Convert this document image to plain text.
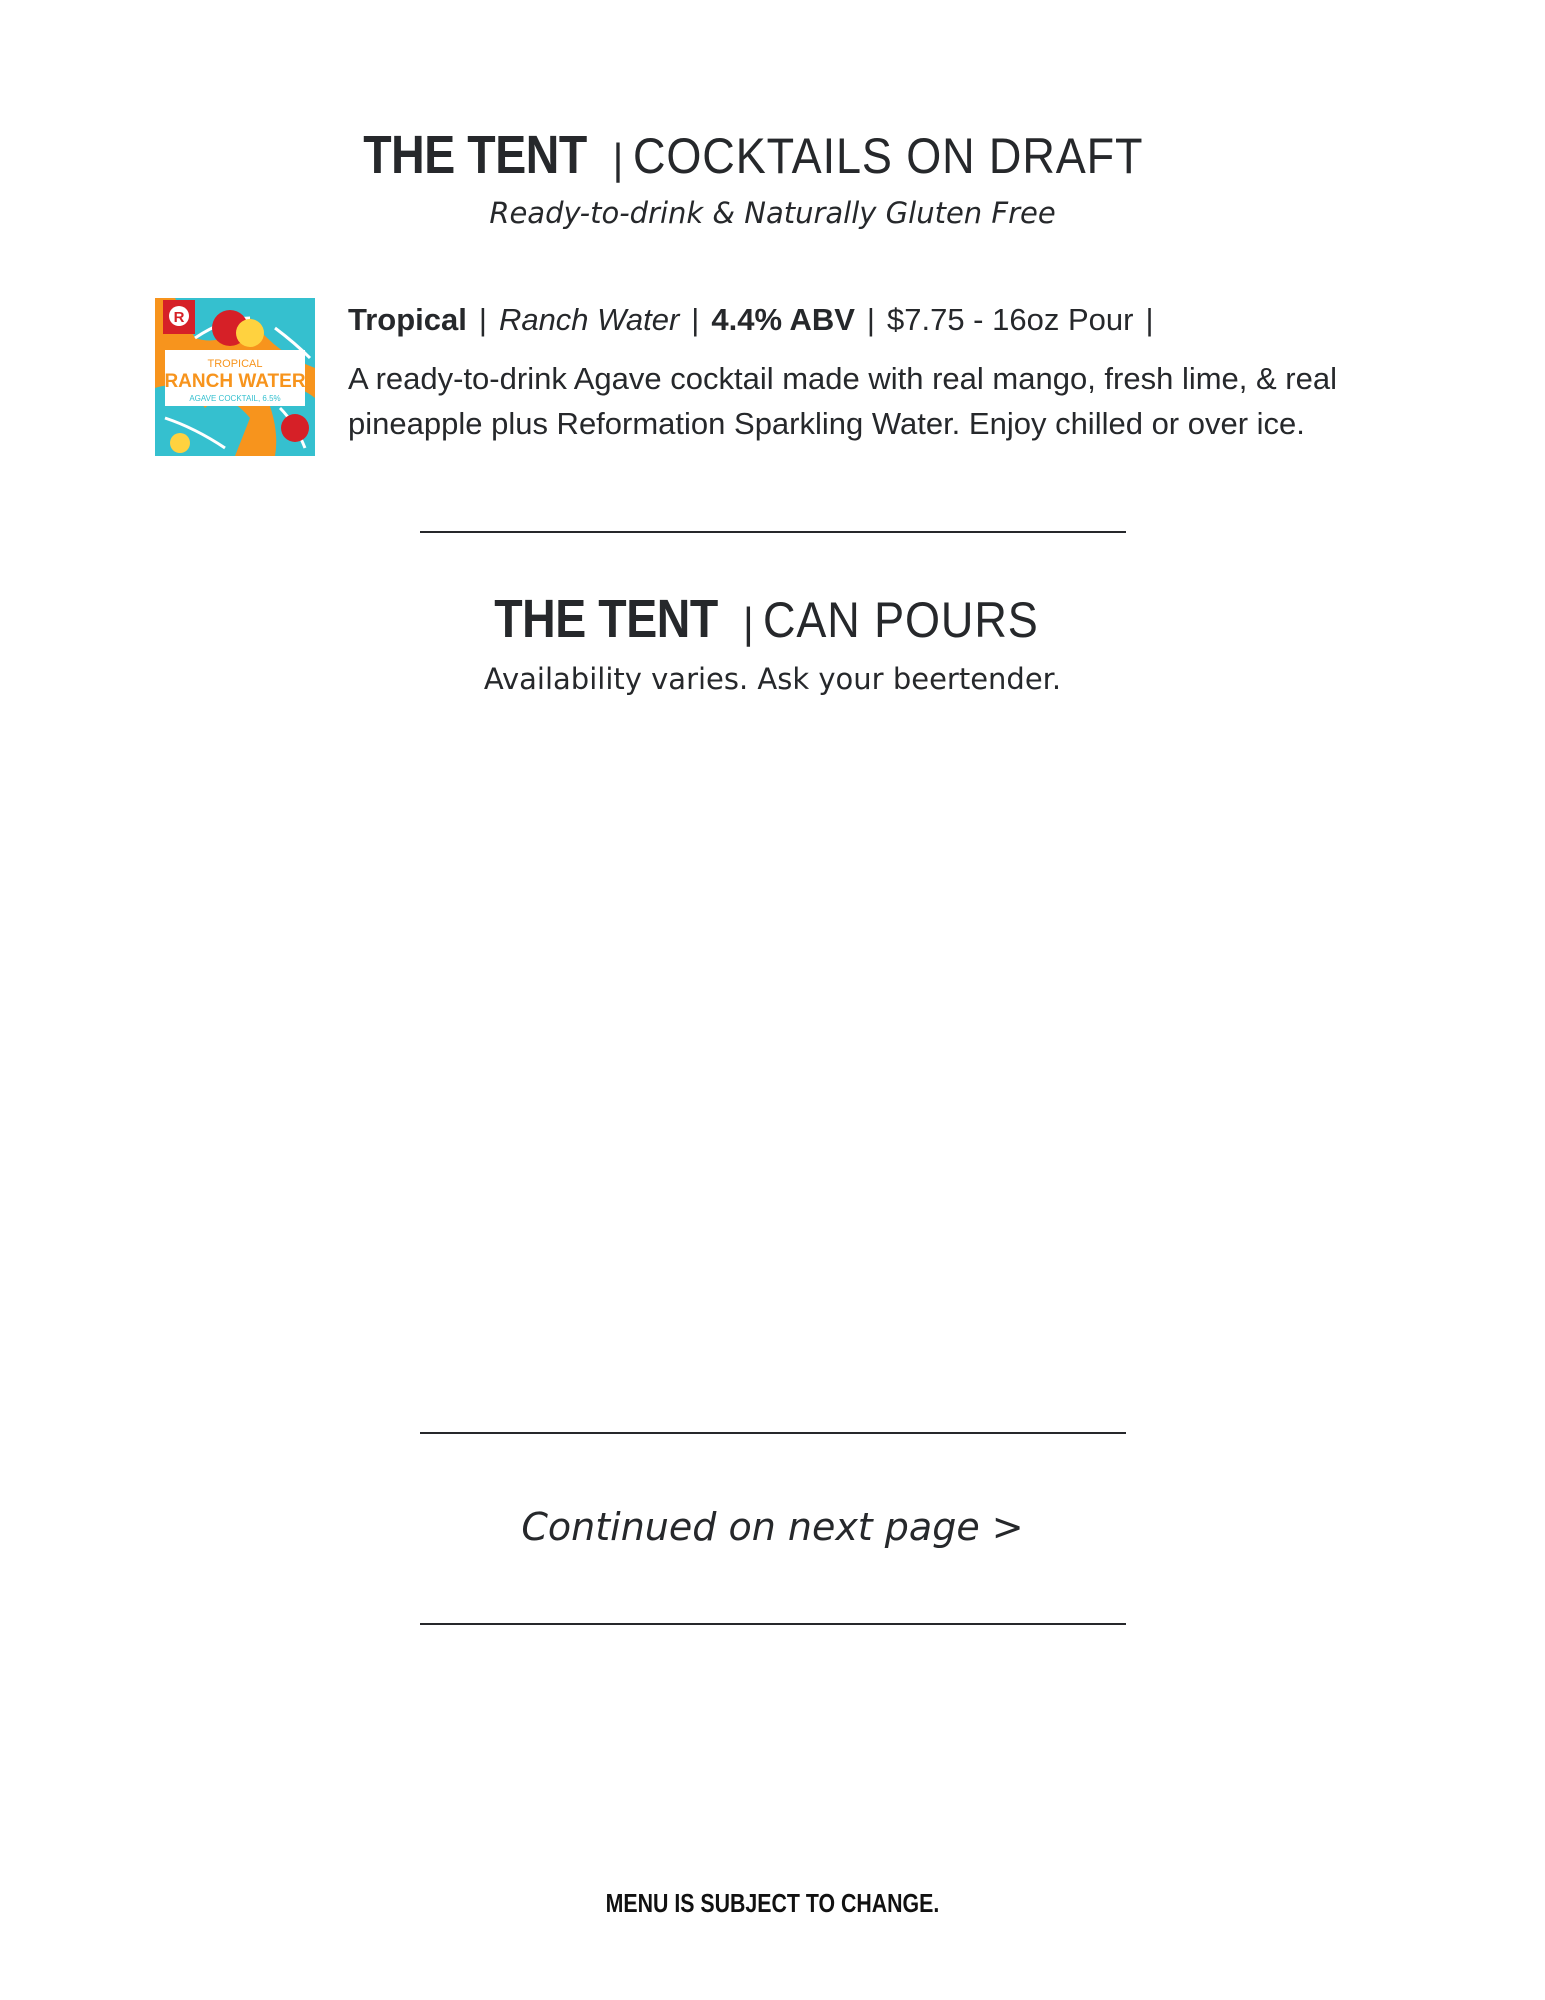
THE TENT | COCKTAILS ON DRAFT
Ready-to-drink & Naturally Gluten Free
R
TROPICAL
RANCH WATER
AGAVE COCKTAIL, 6.5%
Tropical | Ranch Water | 4.4% ABV | $7.75 - 16oz Pour |
A ready-to-drink Agave cocktail made with real mango, fresh lime, & real pineapple plus Reformation Sparkling Water. Enjoy chilled or over ice.
THE TENT | CAN POURS
Availability varies. Ask your beertender.
Continued on next page >
MENU IS SUBJECT TO CHANGE.
